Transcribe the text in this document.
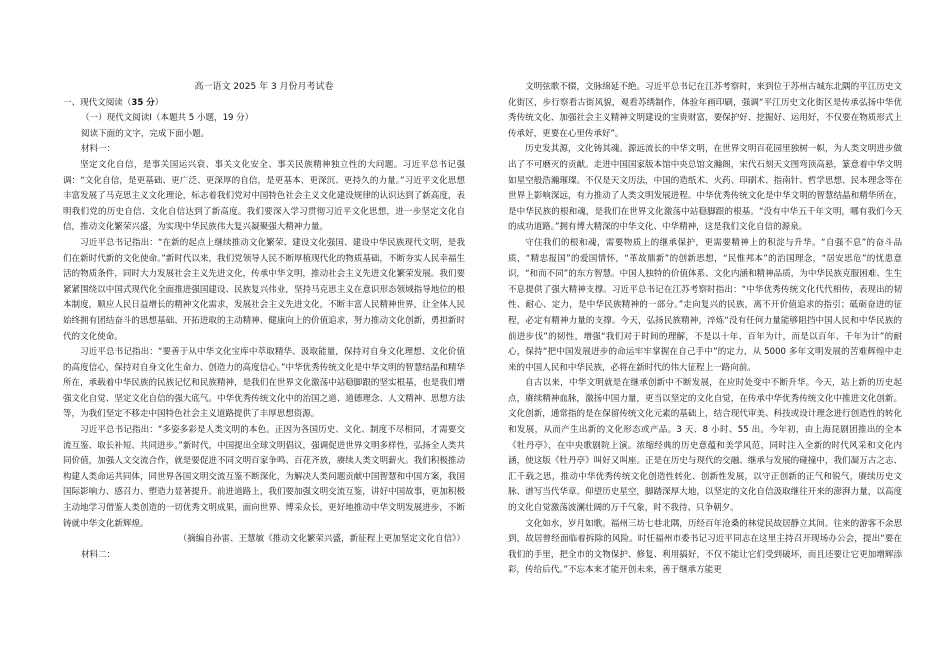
高一语文 2025 年 3 月份月考试卷

一、现代文阅读（35 分）

（一）现代文阅读Ⅰ（本题共 5 小题，19 分）

阅读下面的文字，完成下面小题。

材料一：

坚定文化自信，是事关国运兴衰、事关文化安全、事关民族精神独立性的大问题。习近平总书记强调：“文化自信，是更基础、更广泛、更深厚的自信，是更基本、更深沉、更持久的力量。”习近平文化思想丰富发展了马克思主义文化理论，标志着我们党对中国特色社会主义文化建设规律的认识达到了新高度，表明我们党的历史自信、文化自信达到了新高度。我们要深入学习贯彻习近平文化思想，进一步坚定文化自信，推动文化繁荣兴盛，为实现中华民族伟大复兴凝聚强大精神力量。

习近平总书记指出：“在新的起点上继续推动文化繁荣、建设文化强国、建设中华民族现代文明，是我们在新时代新的文化使命。”新时代以来，我们党领导人民不断厚植现代化的物质基础，不断夯实人民幸福生活的物质条件，同时大力发展社会主义先进文化，传承中华文明，推动社会主义先进文化繁荣发展。我们要紧紧围绕以中国式现代化全面推进强国建设、民族复兴伟业，坚持马克思主义在意识形态领域指导地位的根本制度，顺应人民日益增长的精神文化需求，发展社会主义先进文化，不断丰富人民精神世界，让全体人民始终拥有团结奋斗的思想基础、开拓进取的主动精神、健康向上的价值追求，努力推动文化创新，勇担新时代的文化使命。

习近平总书记指出：“要善于从中华文化宝库中萃取精华、汲取能量，保持对自身文化理想、文化价值的高度信心，保持对自身文化生命力、创造力的高度信心。”中华优秀传统文化是中华文明的智慧结晶和精华所在，承载着中华民族的民族记忆和民族精神，是我们在世界文化激荡中站稳脚跟的坚实根基，也是我们增强文化自觉、坚定文化自信的强大底气。中华优秀传统文化中的治国之道、道德理念、人文精神、思想方法等，为我们坚定不移走中国特色社会主义道路提供了丰厚思想资源。

习近平总书记指出：“多姿多彩是人类文明的本色。正因为各国历史、文化、制度不尽相同，才需要交流互鉴、取长补短、共同进步。”新时代，中国提出全球文明倡议，强调促进世界文明多样性，弘扬全人类共同价值，加强人文交流合作，就是要促进不同文明百家争鸣、百花齐放，赓续人类文明薪火。我们积极推动构建人类命运共同体，同世界各国文明交流互鉴不断深化，为解决人类问题贡献中国智慧和中国方案，我国国际影响力、感召力、塑造力显著提升。前进道路上，我们要加强文明交流互鉴，讲好中国故事，更加积极主动地学习借鉴人类创造的一切优秀文明成果，面向世界、博采众长，更好地推动中华文明发展进步，不断铸就中华文化新辉煌。

（摘编自孙雷、王慧敏《推动文化繁荣兴盛，新征程上更加坚定文化自信》）

材料二：

文明弦歌不辍，文脉绵延不绝。习近平总书记在江苏考察时，来到位于苏州古城东北隅的平江历史文化街区，步行察看古街风貌，观看苏绣制作，体验年画印刷，强调“平江历史文化街区是传承弘扬中华优秀传统文化、加强社会主义精神文明建设的宝贵财富，要保护好、挖掘好、运用好，不仅要在物质形式上传承好，更要在心里传承好”。

历史发其源，文化铸其魂。源远流长的中华文明，在世界文明百花园里独树一帜，为人类文明进步做出了不可磨灭的贡献。走进中国国家版本馆中央总馆文瀚阁，宋代石刻天文图弯顶高悬，篆意着中华文明如星空般浩瀚璀璨。不仅是天文历法，中国的造纸术、火药、印刷术、指南针、哲学思想、民本理念等在世界上影响深远，有力推动了人类文明发展进程。中华优秀传统文化是中华文明的智慧结晶和精华所在，是中华民族的根和魂，是我们在世界文化激荡中站稳脚跟的根基。“没有中华五千年文明，哪有我们今天的成功道路。”拥有博大精深的中华文化、中华精神，这是我们文化自信的源泉。

守住我们的根和魂，需要物质上的继承保护，更需要精神上的积淀与升华。“自强不息”的奋斗品质，“精忠报国”的爱国情怀，“革故鼎新”的创新思想，“民惟邦本”的治国理念，“居安思危”的忧患意识，“和而不同”的东方智慧。中国人独特的价值体系、文化内涵和精神品质，为中华民族克服困难、生生不息提供了强大精神支撑。习近平总书记在江苏考察时指出：“中华优秀传统文化代代相传，表现出的韧性、耐心、定力，是中华民族精神的一部分。”走向复兴的民族，离不开价值追求的指引；砥砺奋进的征程，必定有精神力量的支撑。今天，弘扬民族精神，淬炼“没有任何力量能够阻挡中国人民和中华民族的前进步伐”的韧性，增强“我们对于时间的理解，不是以十年、百年为计，而是以百年、千年为计”的耐心，保持“把中国发展进步的命运牢牢掌握在自己手中”的定力，从 5000 多年文明发展的苦难辉煌中走来的中国人民和中华民族，必将在新时代的伟大征程上一路向前。

自古以来，中华文明就是在继承创新中不断发展，在应时处变中不断升华。今天，站上新的历史起点，赓续精神血脉，激扬中国力量，更当以坚定的文化自觉，在传承中华优秀传统文化中推进文化创新。文化创新，通常指的是在保留传统文化元素的基础上，结合现代审美、科技或设计理念进行创造性的转化和发展，从而产生出新的文化形态或产品。3 天、8 小时、55 出。今年初，由上海昆剧团推出的全本《牡丹亭》，在中央歌剧院上演。浓缩经典的历史意蕴和美学风范，同时注入全新的时代风采和文化内涵，使这版《牡丹亭》叫好又叫座。正是在历史与现代的交融、继承与发展的碰撞中，我们凝万古之志、汇千载之思，推动中华优秀传统文化创造性转化、创新性发展，以守正创新的正气和锐气，赓续历史文脉、谱写当代华章。仰望历史星空，脚踏深厚大地，以坚定的文化自信汲取继往开来的澎湃力量，以高度的文化自觉激荡波澜壮阔的万千气象，时不我待、只争朝夕。

文化如水，岁月如歌。福州三坊七巷北隅，历经百年沧桑的林觉民故居静立其间。往来的游客不余思到，故居曾经面临着拆除的风险。时任福州市委书记习近平同志在这里主持召开现场办公会，提出“要在我们的手里，把全市的文物保护、修复、利用搞好，不仅不能让它们受到破坏，而且还要让它更加增辉添彩，传给后代。”不忘本来才能开创未来，善于继承方能更
